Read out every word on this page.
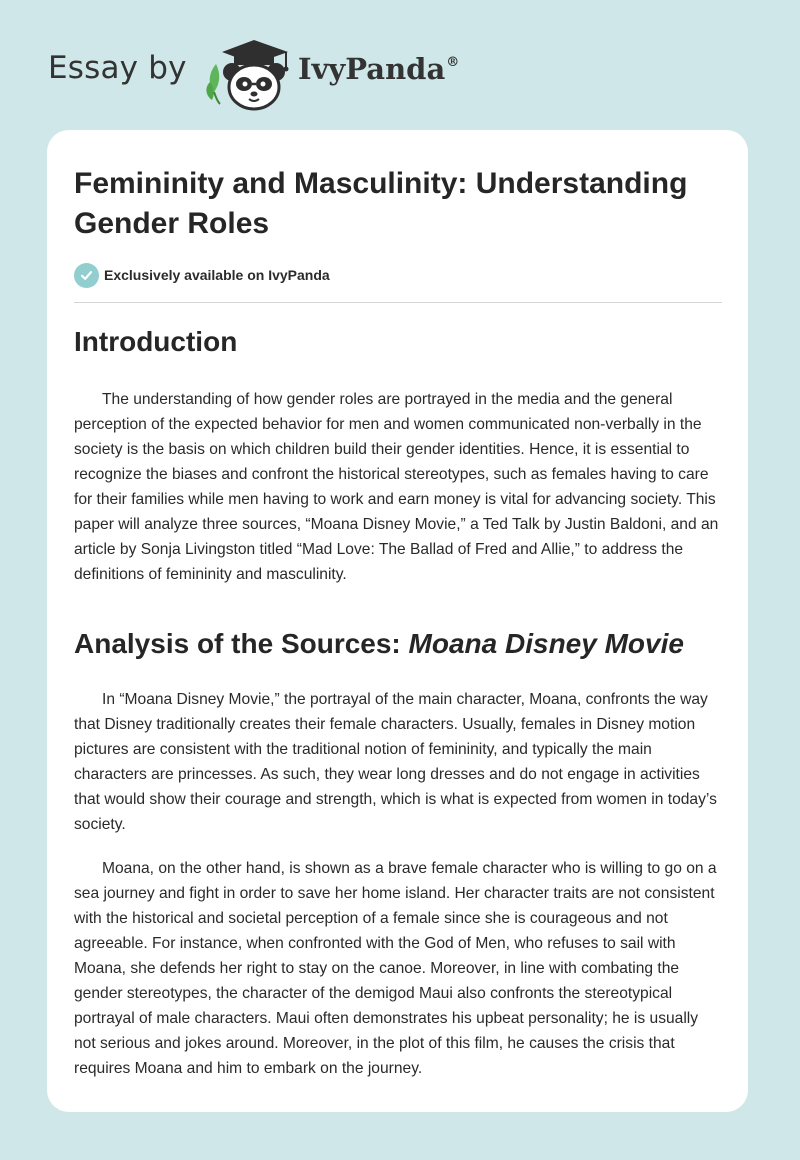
Essay by	IvyPanda®
Femininity and Masculinity: Understanding Gender Roles
Exclusively available on IvyPanda
Introduction

The understanding of how gender roles are portrayed in the media and the general perception of the expected behavior for men and women communicated non-verbally in the society is the basis on which children build their gender identities. Hence, it is essential to recognize the biases and confront the historical stereotypes, such as females having to care for their families while men having to work and earn money is vital for advancing society. This paper will analyze three sources, “Moana Disney Movie,” a Ted Talk by Justin Baldoni, and an article by Sonja Livingston titled “Mad Love: The Ballad of Fred and Allie,” to address the definitions of femininity and masculinity.

Analysis of the Sources: Moana Disney Movie

In “Moana Disney Movie,” the portrayal of the main character, Moana, confronts the way that Disney traditionally creates their female characters. Usually, females in Disney motion pictures are consistent with the traditional notion of femininity, and typically the main characters are princesses. As such, they wear long dresses and do not engage in activities that would show their courage and strength, which is what is expected from women in today’s society.

Moana, on the other hand, is shown as a brave female character who is willing to go on a sea journey and fight in order to save her home island. Her character traits are not consistent with the historical and societal perception of a female since she is courageous and not agreeable. For instance, when confronted with the God of Men, who refuses to sail with Moana, she defends her right to stay on the canoe. Moreover, in line with combating the gender stereotypes, the character of the demigod Maui also confronts the stereotypical portrayal of male characters. Maui often demonstrates his upbeat personality; he is usually not serious and jokes around. Moreover, in the plot of this film, he causes the crisis that requires Moana and him to embark on the journey.
